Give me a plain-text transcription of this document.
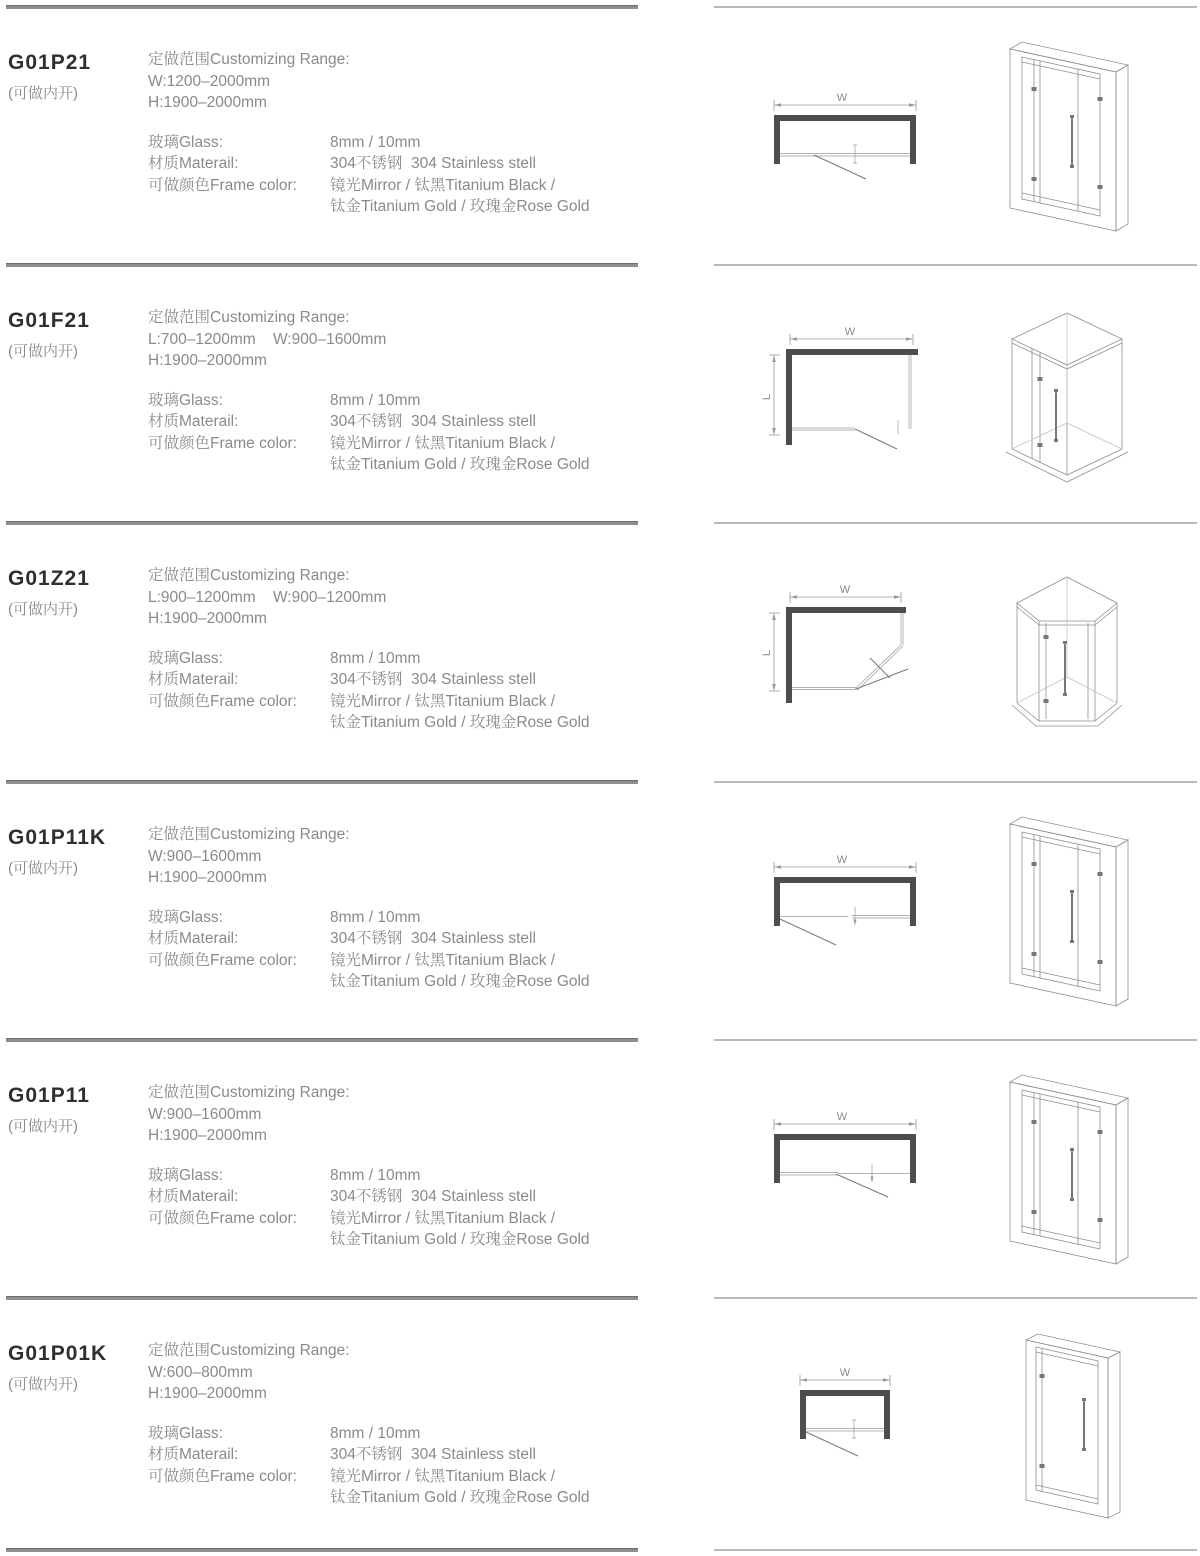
G01P21
(可做内开)
定做范围Customizing Range:
W:1200–2000mm
H:1900–2000mm
玻璃Glass:	8mm / 10mm
材质Materail:	304不锈钢  304 Stainless stell
可做颜色Frame color:	镜光Mirror / 钛黑Titanium Black /
钛金Titanium Gold / 玫瑰金Rose Gold
W
G01F21
(可做内开)
定做范围Customizing Range:
L:700–1200mm    W:900–1600mm
H:1900–2000mm
玻璃Glass:	8mm / 10mm
材质Materail:	304不锈钢  304 Stainless stell
可做颜色Frame color:	镜光Mirror / 钛黑Titanium Black /
钛金Titanium Gold / 玫瑰金Rose Gold
W
L
G01Z21
(可做内开)
定做范围Customizing Range:
L:900–1200mm    W:900–1200mm
H:1900–2000mm
玻璃Glass:	8mm / 10mm
材质Materail:	304不锈钢  304 Stainless stell
可做颜色Frame color:	镜光Mirror / 钛黑Titanium Black /
钛金Titanium Gold / 玫瑰金Rose Gold
W
L
G01P11K
(可做内开)
定做范围Customizing Range:
W:900–1600mm
H:1900–2000mm
玻璃Glass:	8mm / 10mm
材质Materail:	304不锈钢  304 Stainless stell
可做颜色Frame color:	镜光Mirror / 钛黑Titanium Black /
钛金Titanium Gold / 玫瑰金Rose Gold
W
G01P11
(可做内开)
定做范围Customizing Range:
W:900–1600mm
H:1900–2000mm
玻璃Glass:	8mm / 10mm
材质Materail:	304不锈钢  304 Stainless stell
可做颜色Frame color:	镜光Mirror / 钛黑Titanium Black /
钛金Titanium Gold / 玫瑰金Rose Gold
W
G01P01K
(可做内开)
定做范围Customizing Range:
W:600–800mm
H:1900–2000mm
玻璃Glass:	8mm / 10mm
材质Materail:	304不锈钢  304 Stainless stell
可做颜色Frame color:	镜光Mirror / 钛黑Titanium Black /
钛金Titanium Gold / 玫瑰金Rose Gold
W
